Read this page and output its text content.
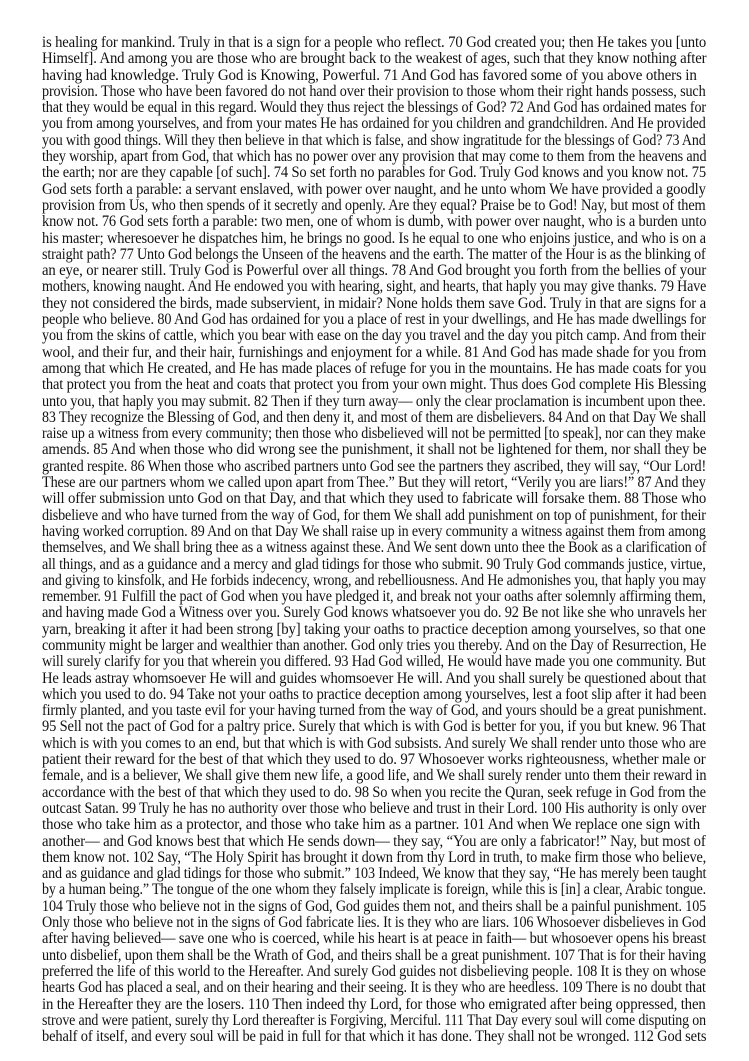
is healing for mankind. Truly in that is a sign for a people who reflect. 70 God created you; then He takes you [unto
Himself]. And among you are those who are brought back to the weakest of ages, such that they know nothing after
having had knowledge. Truly God is Knowing, Powerful. 71 And God has favored some of you above others in
provision. Those who have been favored do not hand over their provision to those whom their right hands possess, such
that they would be equal in this regard. Would they thus reject the blessings of God? 72 And God has ordained mates for
you from among yourselves, and from your mates He has ordained for you children and grandchildren. And He provided
you with good things. Will they then believe in that which is false, and show ingratitude for the blessings of God? 73 And
they worship, apart from God, that which has no power over any provision that may come to them from the heavens and
the earth; nor are they capable [of such]. 74 So set forth no parables for God. Truly God knows and you know not. 75
God sets forth a parable: a servant enslaved, with power over naught, and he unto whom We have provided a goodly
provision from Us, who then spends of it secretly and openly. Are they equal? Praise be to God! Nay, but most of them
know not. 76 God sets forth a parable: two men, one of whom is dumb, with power over naught, who is a burden unto
his master; wheresoever he dispatches him, he brings no good. Is he equal to one who enjoins justice, and who is on a
straight path? 77 Unto God belongs the Unseen of the heavens and the earth. The matter of the Hour is as the blinking of
an eye, or nearer still. Truly God is Powerful over all things. 78 And God brought you forth from the bellies of your
mothers, knowing naught. And He endowed you with hearing, sight, and hearts, that haply you may give thanks. 79 Have
they not considered the birds, made subservient, in midair? None holds them save God. Truly in that are signs for a
people who believe. 80 And God has ordained for you a place of rest in your dwellings, and He has made dwellings for
you from the skins of cattle, which you bear with ease on the day you travel and the day you pitch camp. And from their
wool, and their fur, and their hair, furnishings and enjoyment for a while. 81 And God has made shade for you from
among that which He created, and He has made places of refuge for you in the mountains. He has made coats for you
that protect you from the heat and coats that protect you from your own might. Thus does God complete His Blessing
unto you, that haply you may submit. 82 Then if they turn away— only the clear proclamation is incumbent upon thee.
83 They recognize the Blessing of God, and then deny it, and most of them are disbelievers. 84 And on that Day We shall
raise up a witness from every community; then those who disbelieved will not be permitted [to speak], nor can they make
amends. 85 And when those who did wrong see the punishment, it shall not be lightened for them, nor shall they be
granted respite. 86 When those who ascribed partners unto God see the partners they ascribed, they will say, “Our Lord!
These are our partners whom we called upon apart from Thee.” But they will retort, “Verily you are liars!” 87 And they
will offer submission unto God on that Day, and that which they used to fabricate will forsake them. 88 Those who
disbelieve and who have turned from the way of God, for them We shall add punishment on top of punishment, for their
having worked corruption. 89 And on that Day We shall raise up in every community a witness against them from among
themselves, and We shall bring thee as a witness against these. And We sent down unto thee the Book as a clarification of
all things, and as a guidance and a mercy and glad tidings for those who submit. 90 Truly God commands justice, virtue,
and giving to kinsfolk, and He forbids indecency, wrong, and rebelliousness. And He admonishes you, that haply you may
remember. 91 Fulfill the pact of God when you have pledged it, and break not your oaths after solemnly affirming them,
and having made God a Witness over you. Surely God knows whatsoever you do. 92 Be not like she who unravels her
yarn, breaking it after it had been strong [by] taking your oaths to practice deception among yourselves, so that one
community might be larger and wealthier than another. God only tries you thereby. And on the Day of Resurrection, He
will surely clarify for you that wherein you differed. 93 Had God willed, He would have made you one community. But
He leads astray whomsoever He will and guides whomsoever He will. And you shall surely be questioned about that
which you used to do. 94 Take not your oaths to practice deception among yourselves, lest a foot slip after it had been
firmly planted, and you taste evil for your having turned from the way of God, and yours should be a great punishment.
95 Sell not the pact of God for a paltry price. Surely that which is with God is better for you, if you but knew. 96 That
which is with you comes to an end, but that which is with God subsists. And surely We shall render unto those who are
patient their reward for the best of that which they used to do. 97 Whosoever works righteousness, whether male or
female, and is a believer, We shall give them new life, a good life, and We shall surely render unto them their reward in
accordance with the best of that which they used to do. 98 So when you recite the Quran, seek refuge in God from the
outcast Satan. 99 Truly he has no authority over those who believe and trust in their Lord. 100 His authority is only over
those who take him as a protector, and those who take him as a partner. 101 And when We replace one sign with
another— and God knows best that which He sends down— they say, “You are only a fabricator!” Nay, but most of
them know not. 102 Say, “The Holy Spirit has brought it down from thy Lord in truth, to make firm those who believe,
and as guidance and glad tidings for those who submit.” 103 Indeed, We know that they say, “He has merely been taught
by a human being.” The tongue of the one whom they falsely implicate is foreign, while this is [in] a clear, Arabic tongue.
104 Truly those who believe not in the signs of God, God guides them not, and theirs shall be a painful punishment. 105
Only those who believe not in the signs of God fabricate lies. It is they who are liars. 106 Whosoever disbelieves in God
after having believed— save one who is coerced, while his heart is at peace in faith— but whosoever opens his breast
unto disbelief, upon them shall be the Wrath of God, and theirs shall be a great punishment. 107 That is for their having
preferred the life of this world to the Hereafter. And surely God guides not disbelieving people. 108 It is they on whose
hearts God has placed a seal, and on their hearing and their seeing. It is they who are heedless. 109 There is no doubt that
in the Hereafter they are the losers. 110 Then indeed thy Lord, for those who emigrated after being oppressed, then
strove and were patient, surely thy Lord thereafter is Forgiving, Merciful. 111 That Day every soul will come disputing on
behalf of itself, and every soul will be paid in full for that which it has done. They shall not be wronged. 112 God sets
